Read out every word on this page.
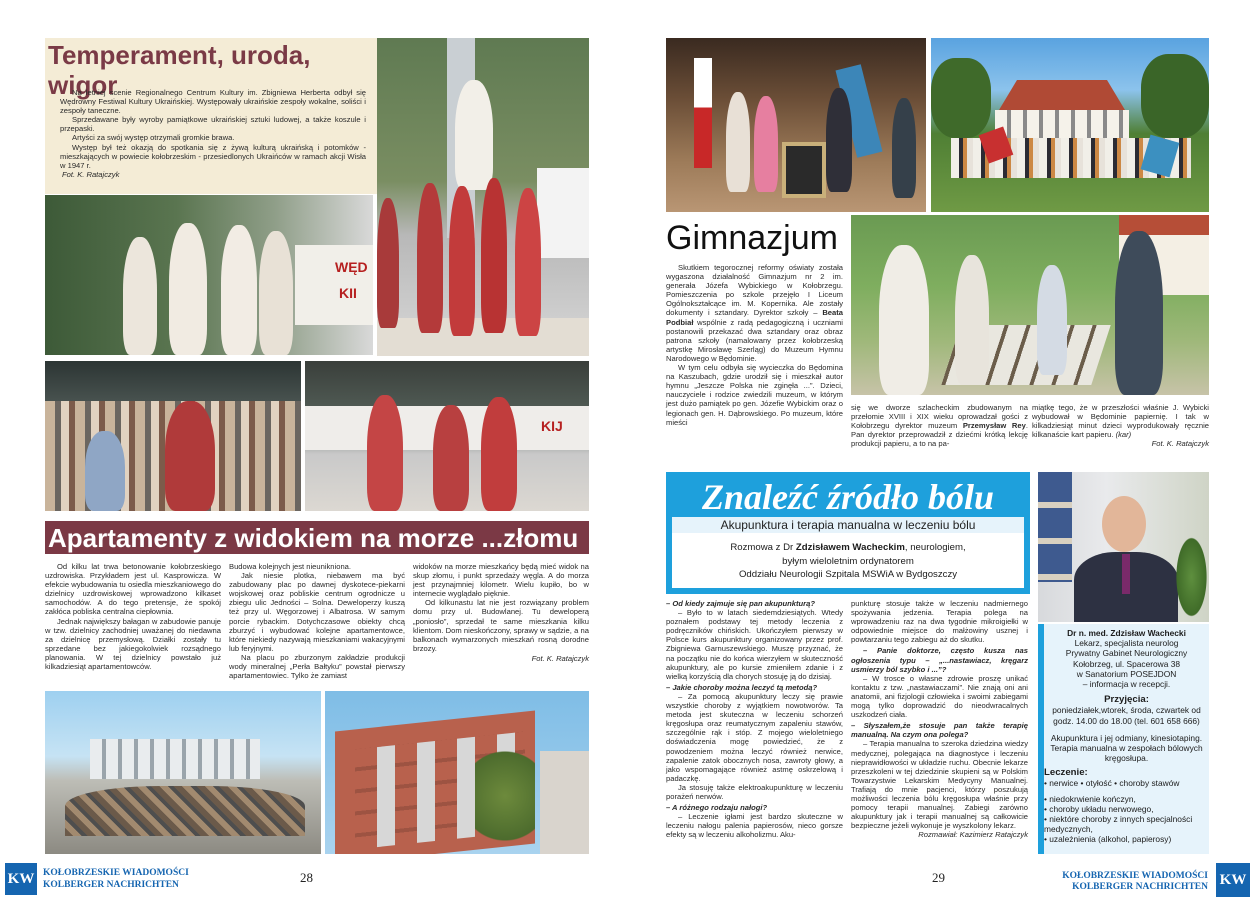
Temperament, uroda, wigor

Na letniej scenie Regionalnego Centrum Kultury im. Zbigniewa Herberta odbył się Wędrowny Festiwal Kultury Ukraińskiej. Występowały ukraińskie zespoły wokalne, soliści i zespoły taneczne.

Sprzedawane były wyroby pamiątkowe ukraińskiej sztuki ludowej, a także koszule i przepaski.

Artyści za swój występ otrzymali gromkie brawa.

Występ był też okazją do spotkania się z żywą kulturą ukraińską i potomków - mieszkających w powiecie kołobrzeskim - przesiedlonych Ukraińców w ramach akcji Wisła w 1947 r.

Fot. K. Ratajczyk
WĘD
KII
KIJ
Apartamenty z widokiem na morze ...złomu

Od kilku lat trwa betonowanie kołobrzeskiego uzdrowiska. Przykładem jest ul. Kasprowicza. W efekcie wybudowania tu osiedla mieszkaniowego do dzielnicy uzdrowiskowej wprowadzono kilkaset samochodów. A do tego pretensje, że spokój zakłóca pobliska centralna ciepłownia.

Jednak największy bałagan w zabudowie panuje w tzw. dzielnicy zachodniej uważanej do niedawna za dzielnicę przemysłową. Działki zostały tu sprzedane bez jakiegokolwiek rozsądnego planowania. W tej dzielnicy powstało już kilkadziesiąt apartamentowców.

Budowa kolejnych jest nieunikniona.

Jak niesie plotka, niebawem ma być zabudowany plac po dawnej dyskotece-piekarni wojskowej oraz pobliskie centrum ogrodnicze u zbiegu ulic Jedności – Solna. Deweloperzy kuszą też przy ul. Węgorzowej i Albatrosa. W samym porcie rybackim. Dotychczasowe obiekty chcą zburzyć i wybudować kolejne apartamentowce, które niekiedy nazywają mieszkaniami wakacyjnymi lub feryjnymi.

Na placu po zburzonym zakładzie produkcji wody mineralnej „Perła Bałtyku” powstał pierwszy apartamentowiec. Tylko że zamiast

widoków na morze mieszkańcy będą mieć widok na skup złomu, i punkt sprzedaży węgla. A do morza jest przynajmniej kilometr. Wielu kupiło, bo w internecie wyglądało pięknie.

Od kilkunastu lat nie jest rozwiązany problem domu przy ul. Budowlanej. Tu deweloperą „poniosło”, sprzedał te same mieszkania kilku klientom. Dom nieskończony, sprawy w sądzie, a na balkonach wymarzonych mieszkań rosną dorodne brzozy.

Fot. K. Ratajczyk
KW KOŁOBRZESKIE WIADOMOŚCI
KOLBERGER NACHRICHTEN	28
Gimnazjum

Skutkiem tegorocznej reformy oświaty została wygaszona działalność Gimnazjum nr 2 im. generała Józefa Wybickiego w Kołobrzegu. Pomieszczenia po szkole przejęło I Liceum Ogólnokształcące im. M. Kopernika. Ale zostały dokumenty i sztandary. Dyrektor szkoły – Beata Podbiał wspólnie z radą pedagogiczną i uczniami postanowili przekazać dwa sztandary oraz obraz patrona szkoły (namalowany przez kołobrzeską artystkę Mirosławę Szerląg) do Muzeum Hymnu Narodowego w Będominie.

W tym celu odbyła się wycieczka do Będomina na Kaszubach, gdzie urodził się i mieszkał autor hymnu „Jeszcze Polska nie zginęła ...”. Dzieci, nauczyciele i rodzice zwiedzili muzeum, w którym jest dużo pamiątek po gen. Józefie Wybickim oraz o legionach gen. H. Dąbrowskiego. Po muzeum, które mieści

się we dworze szlacheckim zbudowanym na przełomie XVIII i XIX wieku oprowadzał gości z Kołobrzegu dyrektor muzeum Przemysław Rey. Pan dyrektor przeprowadził z dziećmi krótką lekcję produkcji papieru, a to na pa-

miątkę tego, że w przeszłości właśnie J. Wybicki wybudował w Będominie papiernię. I tak w kilkadziesiąt minut dzieci wyprodukowały ręcznie kilkanaście kart papieru. (kar)

Fot. K. Ratajczyk
Znaleźć źródło bólu
Akupunktura i terapia manualna w leczeniu bólu
Rozmowa z Dr Zdzisławem Wacheckim, neurologiem,
byłym wieloletnim ordynatorem
Oddziału Neurologii Szpitala MSWiA w Bydgoszczy

– Od kiedy zajmuje się pan akupunkturą?

– Było to w latach siedemdziesiątych. Wtedy poznałem podstawy tej metody leczenia z podręczników chińskich. Ukończyłem pierwszy w Polsce kurs akupunktury organizowany przez prof. Zbigniewa Garnuszewskiego. Muszę przyznać, że na początku nie do końca wierzyłem w skuteczność akupunktury, ale po kursie zmieniłem zdanie i z wielką korzyścią dla chorych stosuję ją do dzisiaj.

– Jakie choroby można leczyć tą metodą?

– Za pomocą akupunktury leczy się prawie wszystkie choroby z wyjątkiem nowotworów. Ta metoda jest skuteczna w leczeniu schorzeń kręgosłupa oraz reumatycznym zapaleniu stawów, szczególnie rąk i stóp. Z mojego wieloletniego doświadczenia mogę powiedzieć, że z powodzeniem można leczyć również nerwice, zapalenie zatok obocznych nosa, zawroty głowy, a jako wspomagające również astmę oskrzelową i padaczkę.

Ja stosuję także elektroakupunkturę w leczeniu porażeń nerwów.

– A różnego rodzaju nałogi?

– Leczenie igłami jest bardzo skuteczne w leczeniu nałogu palenia papierosów, nieco gorsze efekty są w leczeniu alkoholizmu. Aku-

punkturę stosuje także w leczeniu nadmiernego spożywania jedzenia. Terapia polega na wprowadzeniu raz na dwa tygodnie mikroigiełki w odpowiednie miejsce do małżowiny usznej i powtarzaniu tego zabiegu aż do skutku.

– Panie doktorze, często kusza nas ogłoszenia typu – „...nastawiacz, kręgarz usmierzy ból szybko i ...”?

– W trosce o własne zdrowie proszę unikać kontaktu z tzw. „nastawiaczami”. Nie znają oni ani anatomii, ani fizjologii człowieka i swoimi zabiegami mogą tylko doprowadzić do nieodwracalnych uszkodzeń ciała.

– Słyszałem,że stosuje pan także terapię manualną. Na czym ona polega?

– Terapia manualna to szeroka dziedzina wiedzy medycznej, polegająca na diagnostyce i leczeniu nieprawidłowości w układzie ruchu. Obecnie lekarze przeszkoleni w tej dziedzinie skupieni są w Polskim Towarzystwie Lekarskim Medycyny Manualnej. Trafiają do mnie pacjenci, którzy poszukują możliwości leczenia bólu kręgosłupa właśnie przy pomocy terapii manualnej. Zabiegi zarówno akupunktury jak i terapii manualnej są całkowicie bezpieczne jeżeli wykonuje je wyszkolony lekarz.

Rozmawiał: Kazimierz Ratajczyk
Dr n. med. Zdzisław Wachecki
Lekarz, specjalista neurolog
Prywatny Gabinet Neurologiczny
Kołobrzeg, ul. Spacerowa 38
w Sanatorium POSEJDON
– informacja w recepcji.
Przyjęcia:
poniedziałek,wtorek, środa, czwartek od godz. 14.00 do 18.00 (tel. 601 658 666)
Akupunktura i jej odmiany, kinesiotaping. Terapia manualna w zespołach bólowych kręgosłupa.
Leczenie:
• nerwice • otyłość • choroby stawów
• niedokrwienie kończyn,
• choroby układu nerwowego,
• niektóre choroby z innych specjalności medycznych,
• uzależnienia (alkohol, papierosy)
29	KOŁOBRZESKIE WIADOMOŚCI
KOLBERGER NACHRICHTEN KW
